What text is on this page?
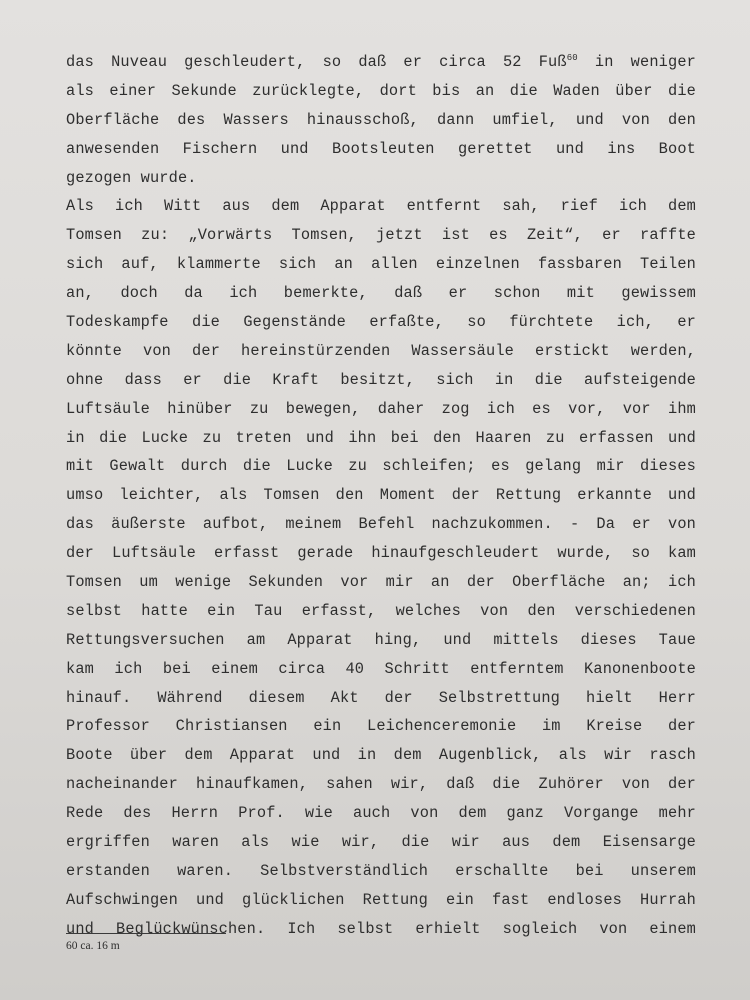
das Nuveau geschleudert, so daß er circa 52 Fuß$^{60}$ in weniger
als einer Sekunde zurücklegte, dort bis an die Waden über die
Oberfläche des Wassers hinausschoß, dann umfiel, und von den
anwesenden Fischern und Bootsleuten gerettet und ins Boot
gezogen wurde.
Als ich Witt aus dem Apparat entfernt sah, rief ich dem
Tomsen zu: „Vorwärts Tomsen, jetzt ist es Zeit“, er raffte
sich auf, klammerte sich an allen einzelnen fassbaren Teilen
an, doch da ich bemerkte, daß er schon mit gewissem
Todeskampfe die Gegenstände erfaßte, so fürchtete ich, er
könnte von der hereinstürzenden Wassersäule erstickt werden,
ohne dass er die Kraft besitzt, sich in die aufsteigende
Luftsäule hinüber zu bewegen, daher zog ich es vor, vor ihm
in die Lucke zu treten und ihn bei den Haaren zu erfassen und
mit Gewalt durch die Lucke zu schleifen; es gelang mir dieses
umso leichter, als Tomsen den Moment der Rettung erkannte und
das äußerste aufbot, meinem Befehl nachzukommen. - Da er von
der Luftsäule erfasst gerade hinaufgeschleudert wurde, so kam
Tomsen um wenige Sekunden vor mir an der Oberfläche an; ich
selbst hatte ein Tau erfasst, welches von den verschiedenen
Rettungsversuchen am Apparat hing, und mittels dieses Taue
kam ich bei einem circa 40 Schritt entferntem Kanonenboote
hinauf. Während diesem Akt der Selbstrettung hielt Herr
Professor Christiansen ein Leichenceremonie im Kreise der
Boote über dem Apparat und in dem Augenblick, als wir rasch
nacheinander hinaufkamen, sahen wir, daß die Zuhörer von der
Rede des Herrn Prof. wie auch von dem ganz Vorgange mehr
ergriffen waren als wie wir, die wir aus dem Eisensarge
erstanden waren. Selbstverständlich erschallte bei unserem
Aufschwingen und glücklichen Rettung ein fast endloses Hurrah
und Beglückwünschen. Ich selbst erhielt sogleich von einem
60 ca. 16 m
